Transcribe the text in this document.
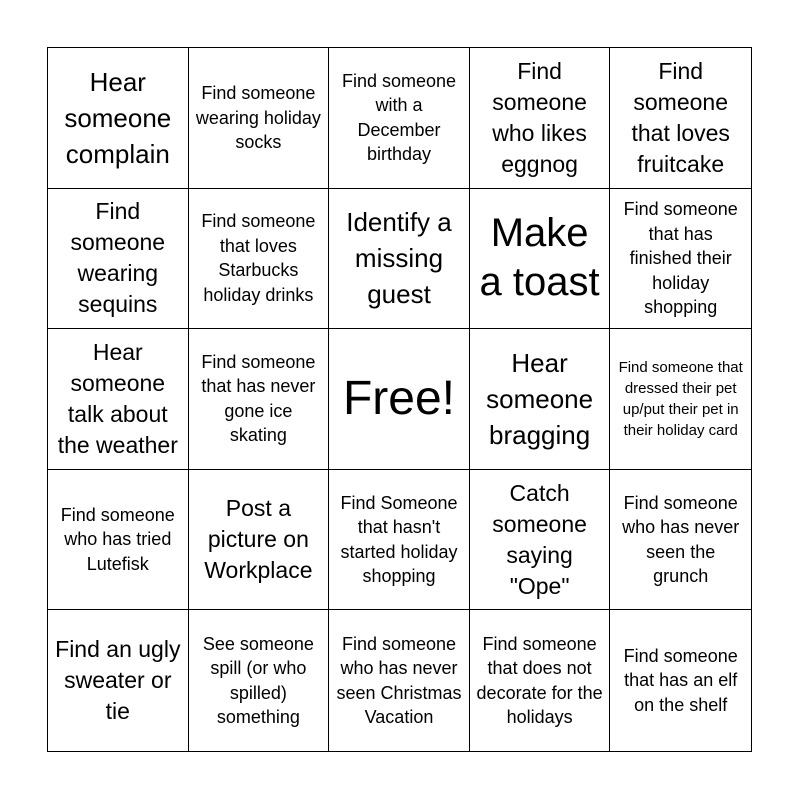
Hear someone complain
Find someone wearing holiday socks
Find someone with a December birthday
Find someone who likes eggnog
Find someone that loves fruitcake
Find someone wearing sequins
Find someone that loves Starbucks holiday drinks
Identify a missing guest
Make a toast
Find someone that has finished their holiday shopping
Hear someone talk about the weather
Find someone that has never gone ice skating
Free!
Hear someone bragging
Find someone that dressed their pet up/put their pet in their holiday card
Find someone who has tried Lutefisk
Post a picture on Workplace
Find Someone that hasn't started holiday shopping
Catch someone saying "Ope"
Find someone who has never seen the grunch
Find an ugly sweater or tie
See someone spill (or who spilled) something
Find someone who has never seen Christmas Vacation
Find someone that does not decorate for the holidays
Find someone that has an elf on the shelf
